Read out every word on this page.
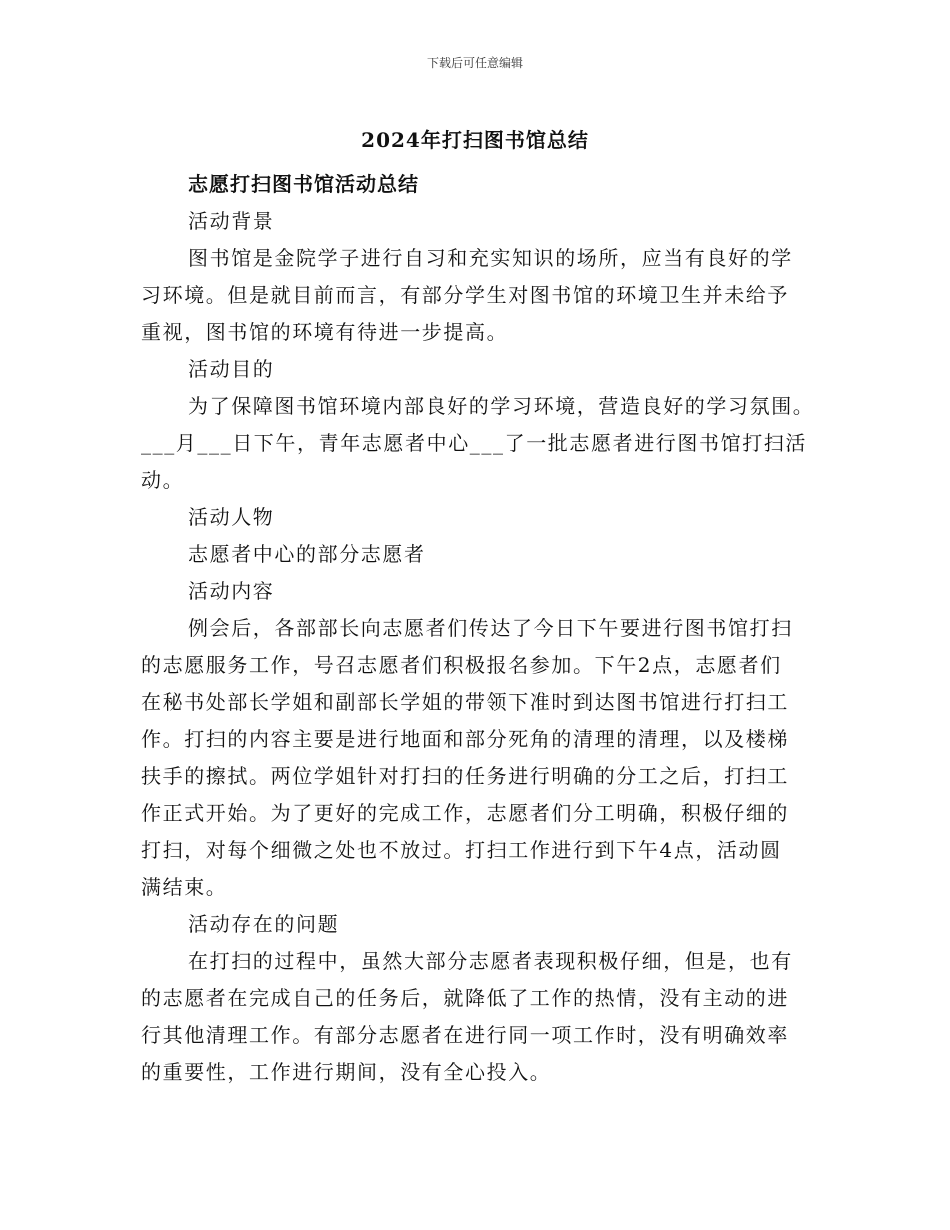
下载后可任意编辑
2024年打扫图书馆总结
志愿打扫图书馆活动总结
活动背景
图书馆是金院学子进行自习和充实知识的场所，应当有良好的学
习环境。但是就目前而言，有部分学生对图书馆的环境卫生并未给予
重视，图书馆的环境有待进一步提高。
活动目的
为了保障图书馆环境内部良好的学习环境，营造良好的学习氛围。
___月___日下午，青年志愿者中心___了一批志愿者进行图书馆打扫活
动。
活动人物
志愿者中心的部分志愿者
活动内容
例会后，各部部长向志愿者们传达了今日下午要进行图书馆打扫
的志愿服务工作，号召志愿者们积极报名参加。下午2点，志愿者们
在秘书处部长学姐和副部长学姐的带领下准时到达图书馆进行打扫工
作。打扫的内容主要是进行地面和部分死角的清理的清理，以及楼梯
扶手的擦拭。两位学姐针对打扫的任务进行明确的分工之后，打扫工
作正式开始。为了更好的完成工作，志愿者们分工明确，积极仔细的
打扫，对每个细微之处也不放过。打扫工作进行到下午4点，活动圆
满结束。
活动存在的问题
在打扫的过程中，虽然大部分志愿者表现积极仔细，但是，也有
的志愿者在完成自己的任务后，就降低了工作的热情，没有主动的进
行其他清理工作。有部分志愿者在进行同一项工作时，没有明确效率
的重要性，工作进行期间，没有全心投入。
